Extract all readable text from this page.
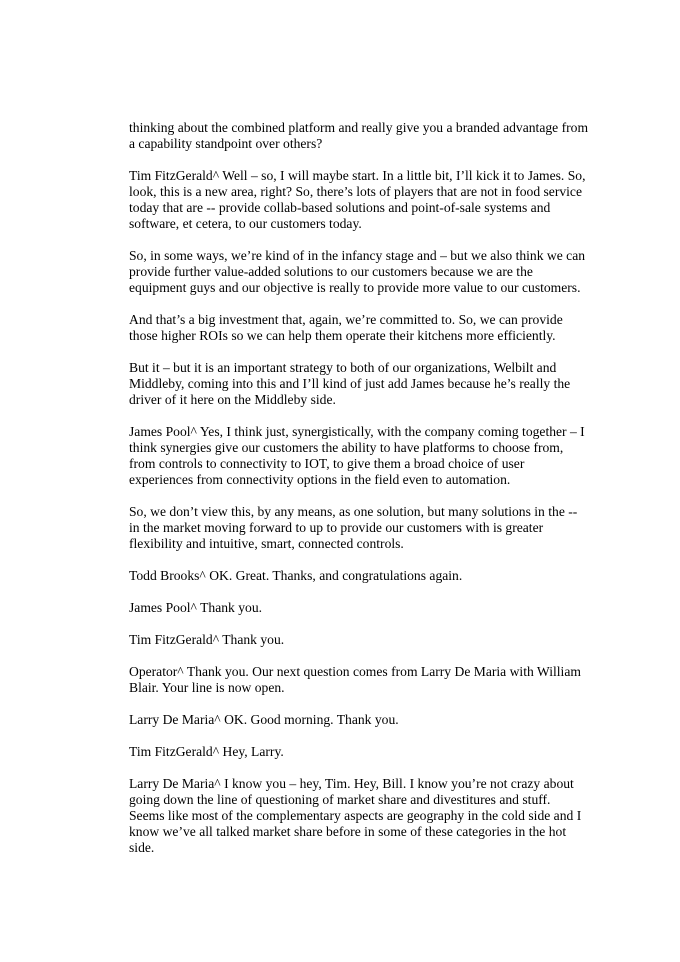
thinking about the combined platform and really give you a branded advantage from a capability standpoint over others?

Tim FitzGerald^ Well – so, I will maybe start. In a little bit, I’ll kick it to James. So, look, this is a new area, right? So, there’s lots of players that are not in food service today that are -- provide collab-based solutions and point-of-sale systems and software, et cetera, to our customers today.

So, in some ways, we’re kind of in the infancy stage and – but we also think we can provide further value-added solutions to our customers because we are the equipment guys and our objective is really to provide more value to our customers.

And that’s a big investment that, again, we’re committed to. So, we can provide those higher ROIs so we can help them operate their kitchens more efficiently.

But it – but it is an important strategy to both of our organizations, Welbilt and Middleby, coming into this and I’ll kind of just add James because he’s really the driver of it here on the Middleby side.

James Pool^ Yes, I think just, synergistically, with the company coming together – I think synergies give our customers the ability to have platforms to choose from, from controls to connectivity to IOT, to give them a broad choice of user experiences from connectivity options in the field even to automation.

So, we don’t view this, by any means, as one solution, but many solutions in the -- in the market moving forward to up to provide our customers with is greater flexibility and intuitive, smart, connected controls.

Todd Brooks^ OK. Great. Thanks, and congratulations again.

James Pool^ Thank you.

Tim FitzGerald^ Thank you.

Operator^ Thank you. Our next question comes from Larry De Maria with William Blair. Your line is now open.

Larry De Maria^ OK. Good morning. Thank you.

Tim FitzGerald^ Hey, Larry.

Larry De Maria^ I know you – hey, Tim. Hey, Bill. I know you’re not crazy about going down the line of questioning of market share and divestitures and stuff. Seems like most of the complementary aspects are geography in the cold side and I know we’ve all talked market share before in some of these categories in the hot side.
